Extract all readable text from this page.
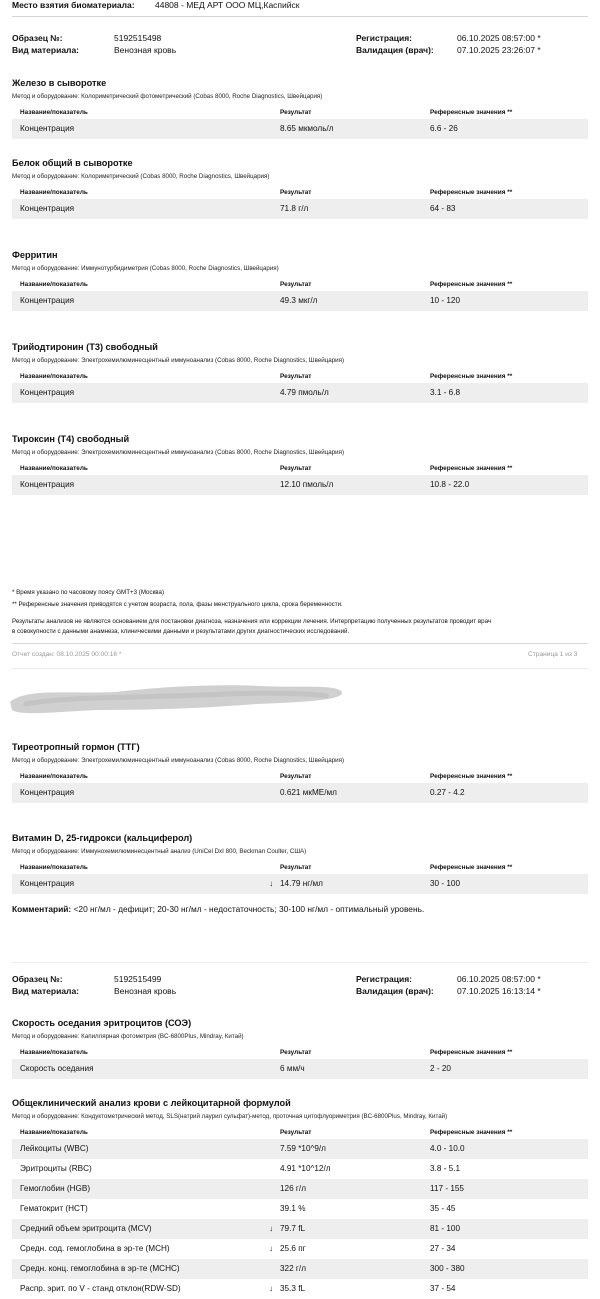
Место взятия биоматериала: 44808 - МЕД АРТ ООО МЦ,Каспийск
Образец №:	5192515498
Вид материала:	Венозная кровь
Регистрация:	06.10.2025 08:57:00 *
Валидация (врач):	07.10.2025 23:26:07 *
Железо в сыворотке
Метод и оборудование: Колориметрический фотометрический (Cobas 8000, Roche Diagnostics, Швейцария)
Название/показатель	Результат	Референсные значения **
Концентрация	8.65 мкмоль/л	6.6 - 26
Белок общий в сыворотке
Метод и оборудование: Колориметрический (Cobas 8000, Roche Diagnostics, Швейцария)
Название/показатель	Результат	Референсные значения **
Концентрация	71.8 г/л	64 - 83
Ферритин
Метод и оборудование: Иммунотурбидиметрия (Cobas 8000, Roche Diagnostics, Швейцария)
Название/показатель	Результат	Референсные значения **
Концентрация	49.3 мкг/л	10 - 120
Трийодтиронин (Т3) свободный
Метод и оборудование: Электрохемилюминесцентный иммуноанализ (Cobas 8000, Roche Diagnostics, Швейцария)
Название/показатель	Результат	Референсные значения **
Концентрация	4.79 пмоль/л	3.1 - 6.8
Тироксин (Т4) свободный
Метод и оборудование: Электрохемилюминесцентный иммуноанализ (Cobas 8000, Roche Diagnostics, Швейцария)
Название/показатель	Результат	Референсные значения **
Концентрация	12.10 пмоль/л	10.8 - 22.0
Тиреотропный гормон (ТТГ)
Метод и оборудование: Электрохемилюминесцентный иммуноанализ (Cobas 8000, Roche Diagnostics, Швейцария)
Название/показатель	Результат	Референсные значения **
Концентрация	0.621 мкМЕ/мл	0.27 - 4.2
Витамин D, 25-гидрокси (кальциферол)
Метод и оборудование: Иммунохемилюминесцентный анализ (UniCel DxI 800, Beckman Coulter, США)
Название/показатель	Результат	Референсные значения **
Концентрация	↓ 14.79 нг/мл	30 - 100
Скорость оседания эритроцитов (СОЭ)
Метод и оборудование: Капиллярная фотометрия (BC-6800Plus, Mindray, Китай)
Название/показатель	Результат	Референсные значения **
Скорость оседания	6 мм/ч	2 - 20
Общеклинический анализ крови с лейкоцитарной формулой
Метод и оборудование: Кондуктометрический метод, SLS(натрий лаурил сульфат)-метод, проточная цитофлуориметрия (BC-6800Plus, Mindray, Китай)
Название/показатель	Результат	Референсные значения **
Лейкоциты (WBC)	7.59 *10^9/л	4.0 - 10.0
Эритроциты (RBC)	4.91 *10^12/л	3.8 - 5.1
Гемоглобин (HGB)	126 г/л	117 - 155
Гематокрит (HCT)	39.1 %	35 - 45
Средний объем эритроцита (MCV)	↓ 79.7 fL	81 - 100
Средн. сод. гемоглобина в эр-те (MCH)	↓ 25.6 пг	27 - 34
Средн. конц. гемоглобина в эр-те (MCHC)	322 г/л	300 - 380
Распр. эрит. по V - станд отклон(RDW-SD)	↓ 35.3 fL	37 - 54
* Время указано по часовому поясу GMT+3 (Москва)
** Референсные значения приводятся с учетом возраста, пола, фазы менструального цикла, срока беременности.
Результаты анализов не являются основанием для постановки диагноза, назначения или коррекции лечения. Интерпретацию полученных результатов проводит врач
в совокупности с данными анамнеза, клиническими данными и результатами других диагностических исследований.
Отчет создан: 08.10.2025 00:00:16 *	Страница 1 из 3
Комментарий: <20 нг/мл - дефицит; 20-30 нг/мл - недостаточность; 30-100 нг/мл - оптимальный уровень.
Образец №:	5192515499
Вид материала:	Венозная кровь
Регистрация:	06.10.2025 08:57:00 *
Валидация (врач):	07.10.2025 16:13:14 *
